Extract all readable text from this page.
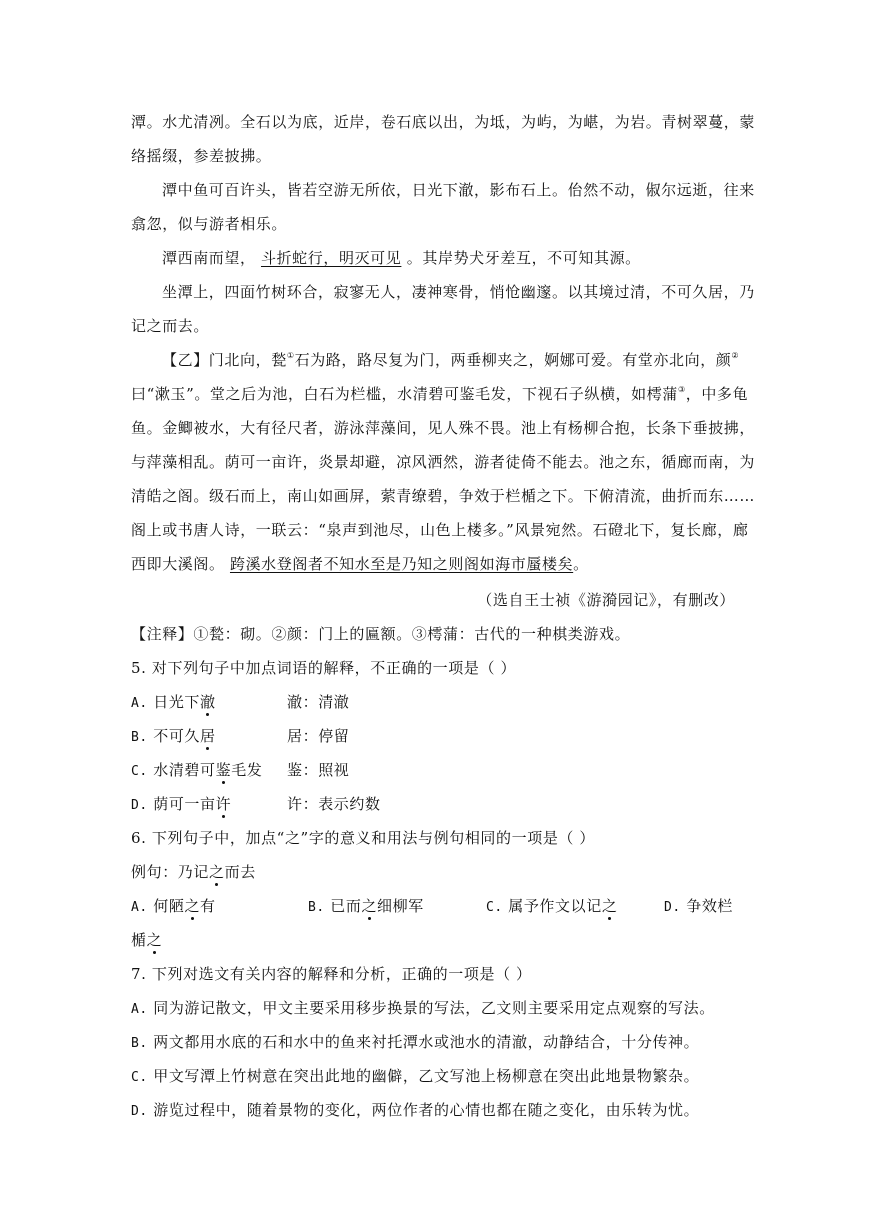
潭。水尤清冽。全石以为底，近岸，卷石底以出，为坻，为屿，为嵁，为岩。青树翠蔓，蒙
络摇缀，参差披拂。
潭中鱼可百许头，皆若空游无所依，日光下澈，影布石上。佁然不动，俶尔远逝，往来
翕忽，似与游者相乐。
潭西南而望， 斗折蛇行，明灭可见 。其岸势犬牙差互，不可知其源。
坐潭上，四面竹树环合，寂寥无人，凄神寒骨，悄怆幽邃。以其境过清，不可久居，乃
记之而去。
【乙】门北向，甃①石为路，路尽复为门，两垂柳夹之，婀娜可爱。有堂亦北向，颜②
曰“漱玉”。堂之后为池，白石为栏槛，水清碧可鉴毛发，下视石子纵横，如樗蒲③，中多龟
鱼。金鲫被水，大有径尺者，游泳萍藻间，见人殊不畏。池上有杨柳合抱，长条下垂披拂，
与萍藻相乱。荫可一亩许，炎景却避，凉风洒然，游者徒倚不能去。池之东，循廊而南，为
清皓之阁。级石而上，南山如画屏，萦青缭碧，争效于栏楯之下。下俯清流，曲折而东……
阁上或书唐人诗，一联云：“泉声到池尽，山色上楼多。”风景宛然。石磴北下，复长廊，廊
西即大溪阁。 跨溪水登阁者不知水至是乃知之则阁如海市蜃楼矣。
（选自王士祯《游漪园记》，有删改）
【注释】①甃：砌。②颜：门上的匾额。③樗蒲：古代的一种棋类游戏。
5. 对下列句子中加点词语的解释，不正确的一项是（ ）
A. 日光下澈	澈：清澈
B. 不可久居	居：停留
C. 水清碧可鉴毛发 鉴：照视
D. 荫可一亩许	许：表示约数
6. 下列句子中，加点“之”字的意义和用法与例句相同的一项是（ ）
例句：乃记之而去
A. 何陋之有	B. 已而之细柳军	C. 属予作文以记之	D. 争效栏
楯之
7. 下列对选文有关内容的解释和分析，正确的一项是（ ）
A. 同为游记散文，甲文主要采用移步换景的写法，乙文则主要采用定点观察的写法。
B. 两文都用水底的石和水中的鱼来衬托潭水或池水的清澈，动静结合，十分传神。
C. 甲文写潭上竹树意在突出此地的幽僻，乙文写池上杨柳意在突出此地景物繁杂。
D. 游览过程中，随着景物的变化，两位作者的心情也都在随之变化，由乐转为忧。
